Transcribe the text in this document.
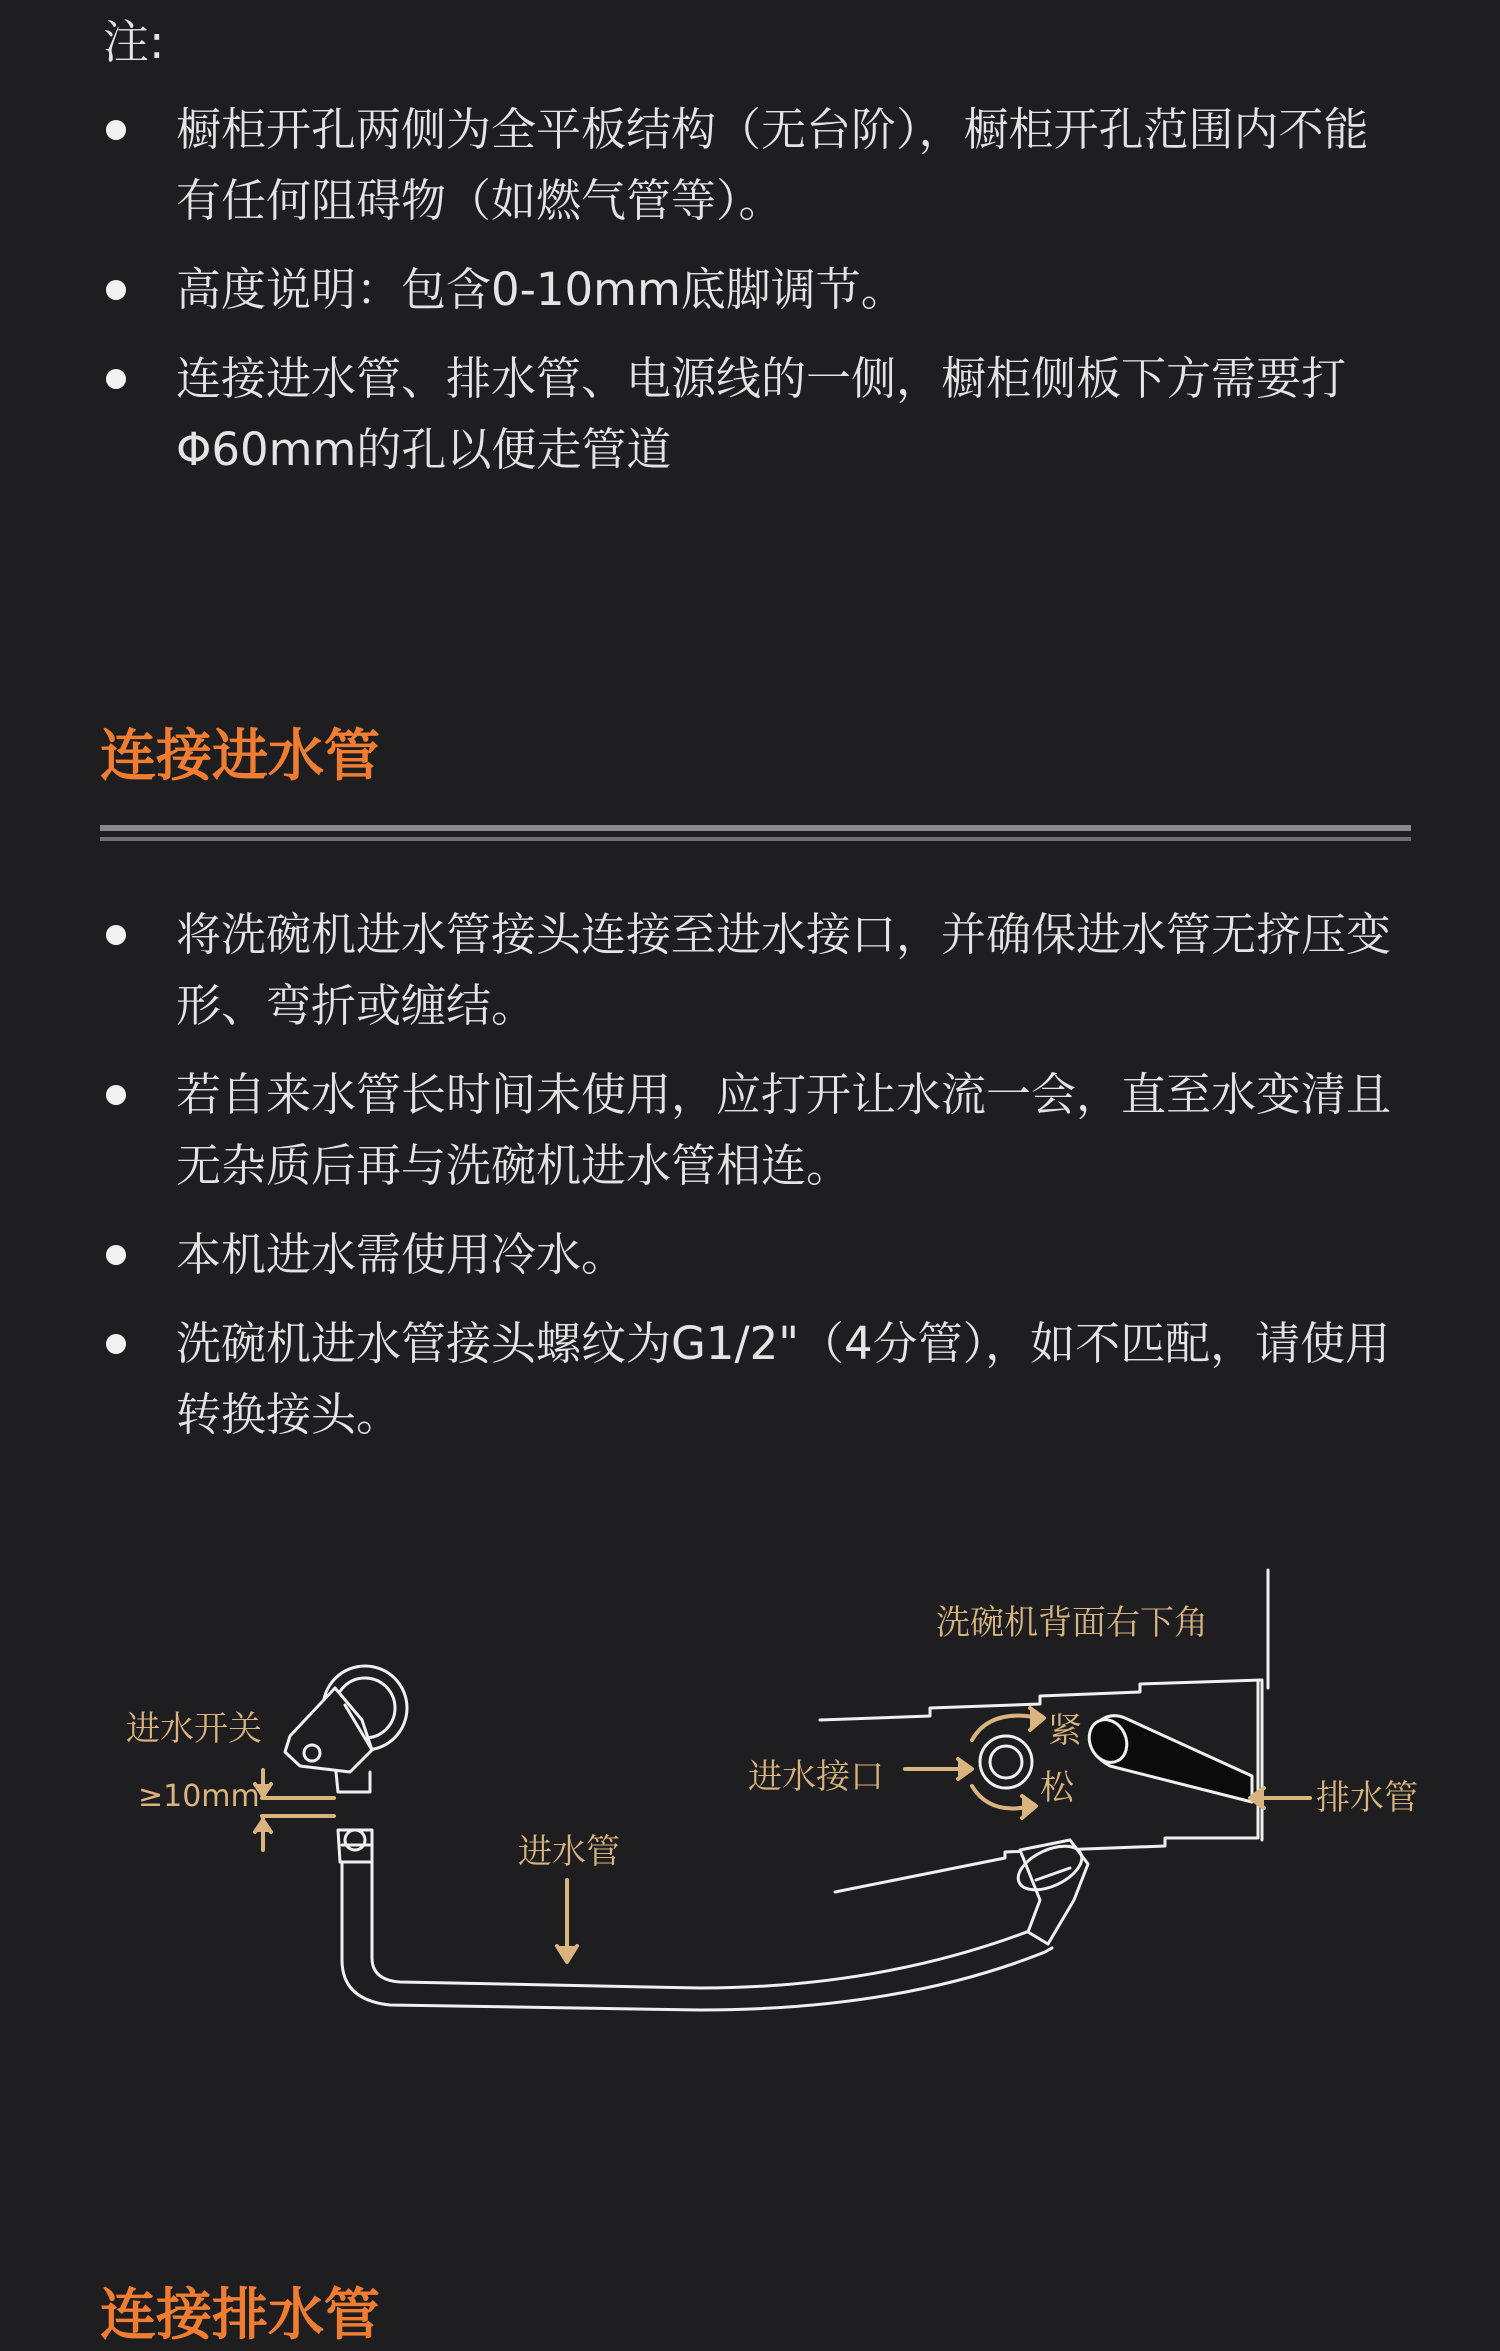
注:
橱柜开孔两侧为全平板结构（无台阶），橱柜开孔范围内不能有任何阻碍物（如燃气管等）。
高度说明：包含0-10mm底脚调节。
连接进水管、排水管、电源线的一侧，橱柜侧板下方需要打Φ60mm的孔以便走管道
连接进水管
将洗碗机进水管接头连接至进水接口，并确保进水管无挤压变形、弯折或缠结。
若自来水管长时间未使用，应打开让水流一会，直至水变清且无杂质后再与洗碗机进水管相连。
本机进水需使用冷水。
洗碗机进水管接头螺纹为G1/2"（4分管），如不匹配，请使用转换接头。
洗碗机背面右下角
进水开关
≥10mm
进水管
进水接口
紧
松	排水管
连接排水管
